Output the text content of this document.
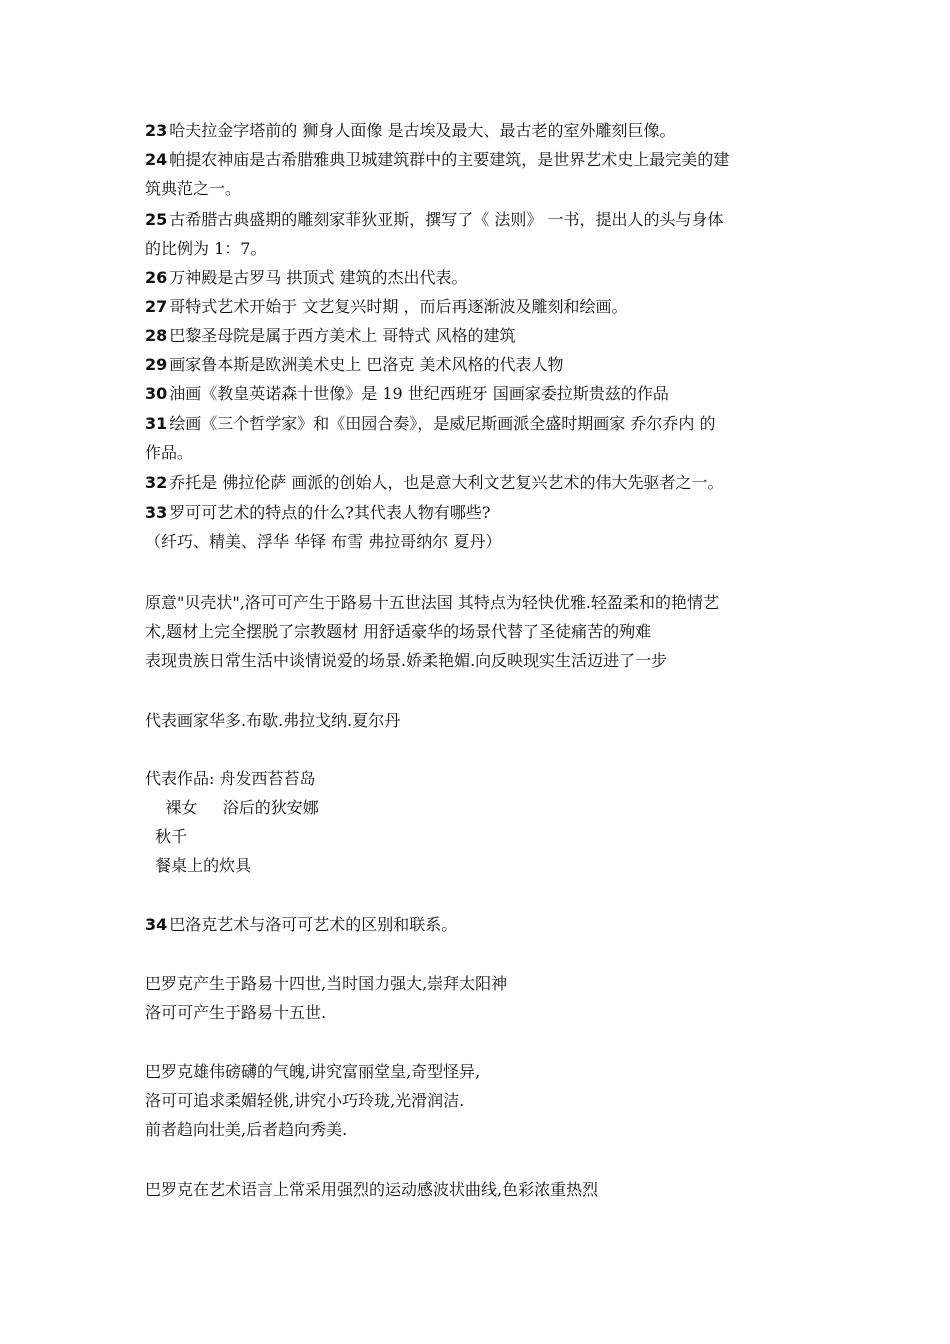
23 哈夫拉金字塔前的 狮身人面像 是古埃及最大、最古老的室外雕刻巨像。
24 帕提农神庙是古希腊雅典卫城建筑群中的主要建筑，是世界艺术史上最完美的建
筑典范之一。
25 古希腊古典盛期的雕刻家菲狄亚斯，撰写了《 法则》 一书，提出人的头与身体
的比例为 1：7。
26 万神殿是古罗马 拱顶式 建筑的杰出代表。
27 哥特式艺术开始于 文艺复兴时期 ，而后再逐渐波及雕刻和绘画。
28 巴黎圣母院是属于西方美术上 哥特式 风格的建筑
29 画家鲁本斯是欧洲美术史上 巴洛克 美术风格的代表人物
30 油画《教皇英诺森十世像》是 19 世纪西班牙 国画家委拉斯贵兹的作品
31 绘画《三个哲学家》和《田园合奏》，是威尼斯画派全盛时期画家 乔尔乔内 的
作品。
32 乔托是 佛拉伦萨 画派的创始人，也是意大利文艺复兴艺术的伟大先驱者之一。
33 罗可可艺术的特点的什么?其代表人物有哪些?
（纤巧、精美、浮华 华铎 布雪 弗拉哥纳尔 夏丹）
原意"贝壳状",洛可可产生于路易十五世法国 其特点为轻快优雅.轻盈柔和的艳情艺
术,题材上完全摆脱了宗教题材 用舒适豪华的场景代替了圣徒痛苦的殉难
表现贵族日常生活中谈情说爱的场景.娇柔艳媚.向反映现实生活迈进了一步
代表画家华多.布歇.弗拉戈纳.夏尔丹
代表作品: 舟发西苔苔岛
裸女     浴后的狄安娜
秋千
餐桌上的炊具
34 巴洛克艺术与洛可可艺术的区别和联系。
巴罗克产生于路易十四世,当时国力强大,崇拜太阳神
洛可可产生于路易十五世.
巴罗克雄伟磅礴的气魄,讲究富丽堂皇,奇型怪异,
洛可可追求柔媚轻佻,讲究小巧玲珑,光滑润洁.
前者趋向壮美,后者趋向秀美.
巴罗克在艺术语言上常采用强烈的运动感波状曲线,色彩浓重热烈
